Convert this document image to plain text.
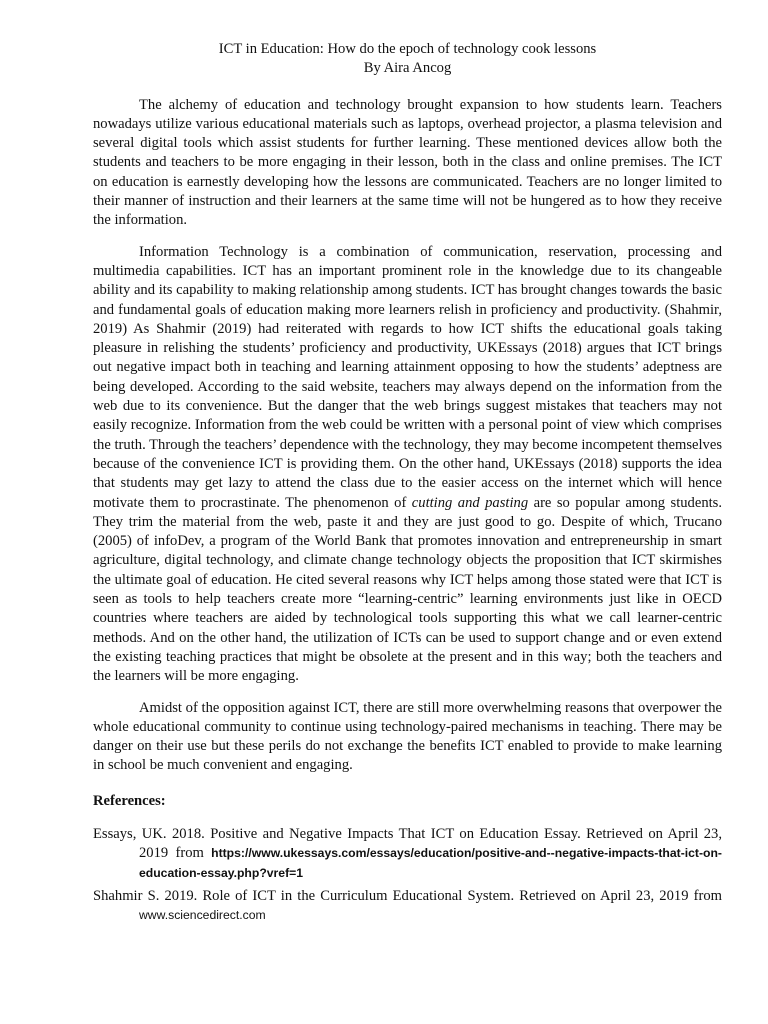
ICT in Education: How do the epoch of technology cook lessons
By Aira Ancog

The alchemy of education and technology brought expansion to how students learn. Teachers nowadays utilize various educational materials such as laptops, overhead projector, a plasma television and several digital tools which assist students for further learning. These mentioned devices allow both the students and teachers to be more engaging in their lesson, both in the class and online premises. The ICT on education is earnestly developing how the lessons are communicated. Teachers are no longer limited to their manner of instruction and their learners at the same time will not be hungered as to how they receive the information.

Information Technology is a combination of communication, reservation, processing and multimedia capabilities. ICT has an important prominent role in the knowledge due to its changeable ability and its capability to making relationship among students. ICT has brought changes towards the basic and fundamental goals of education making more learners relish in proficiency and productivity. (Shahmir, 2019) As Shahmir (2019) had reiterated with regards to how ICT shifts the educational goals taking pleasure in relishing the students’ proficiency and productivity, UKEssays (2018) argues that ICT brings out negative impact both in teaching and learning attainment opposing to how the students’ adeptness are being developed. According to the said website, teachers may always depend on the information from the web due to its convenience. But the danger that the web brings suggest mistakes that teachers may not easily recognize. Information from the web could be written with a personal point of view which comprises the truth. Through the teachers’ dependence with the technology, they may become incompetent themselves because of the convenience ICT is providing them. On the other hand, UKEssays (2018) supports the idea that students may get lazy to attend the class due to the easier access on the internet which will hence motivate them to procrastinate. The phenomenon of cutting and pasting are so popular among students. They trim the material from the web, paste it and they are just good to go. Despite of which, Trucano (2005) of infoDev, a program of the World Bank that promotes innovation and entrepreneurship in smart agriculture, digital technology, and climate change technology objects the proposition that ICT skirmishes the ultimate goal of education. He cited several reasons why ICT helps among those stated were that ICT is seen as tools to help teachers create more “learning-centric” learning environments just like in OECD countries where teachers are aided by technological tools supporting this what we call learner-centric methods. And on the other hand, the utilization of ICTs can be used to support change and or even extend the existing teaching practices that might be obsolete at the present and in this way; both the teachers and the learners will be more engaging.

Amidst of the opposition against ICT, there are still more overwhelming reasons that overpower the whole educational community to continue using technology-paired mechanisms in teaching. There may be danger on their use but these perils do not exchange the benefits ICT enabled to provide to make learning in school be much convenient and engaging.

References:

Essays, UK. 2018. Positive and Negative Impacts That ICT on Education Essay. Retrieved on April 23, 2019 from https://www.ukessays.com/essays/education/positive-and--negative-impacts-that-ict-on-education-essay.php?vref=1

Shahmir S. 2019. Role of ICT in the Curriculum Educational System. Retrieved on April 23, 2019 from www.sciencedirect.com
